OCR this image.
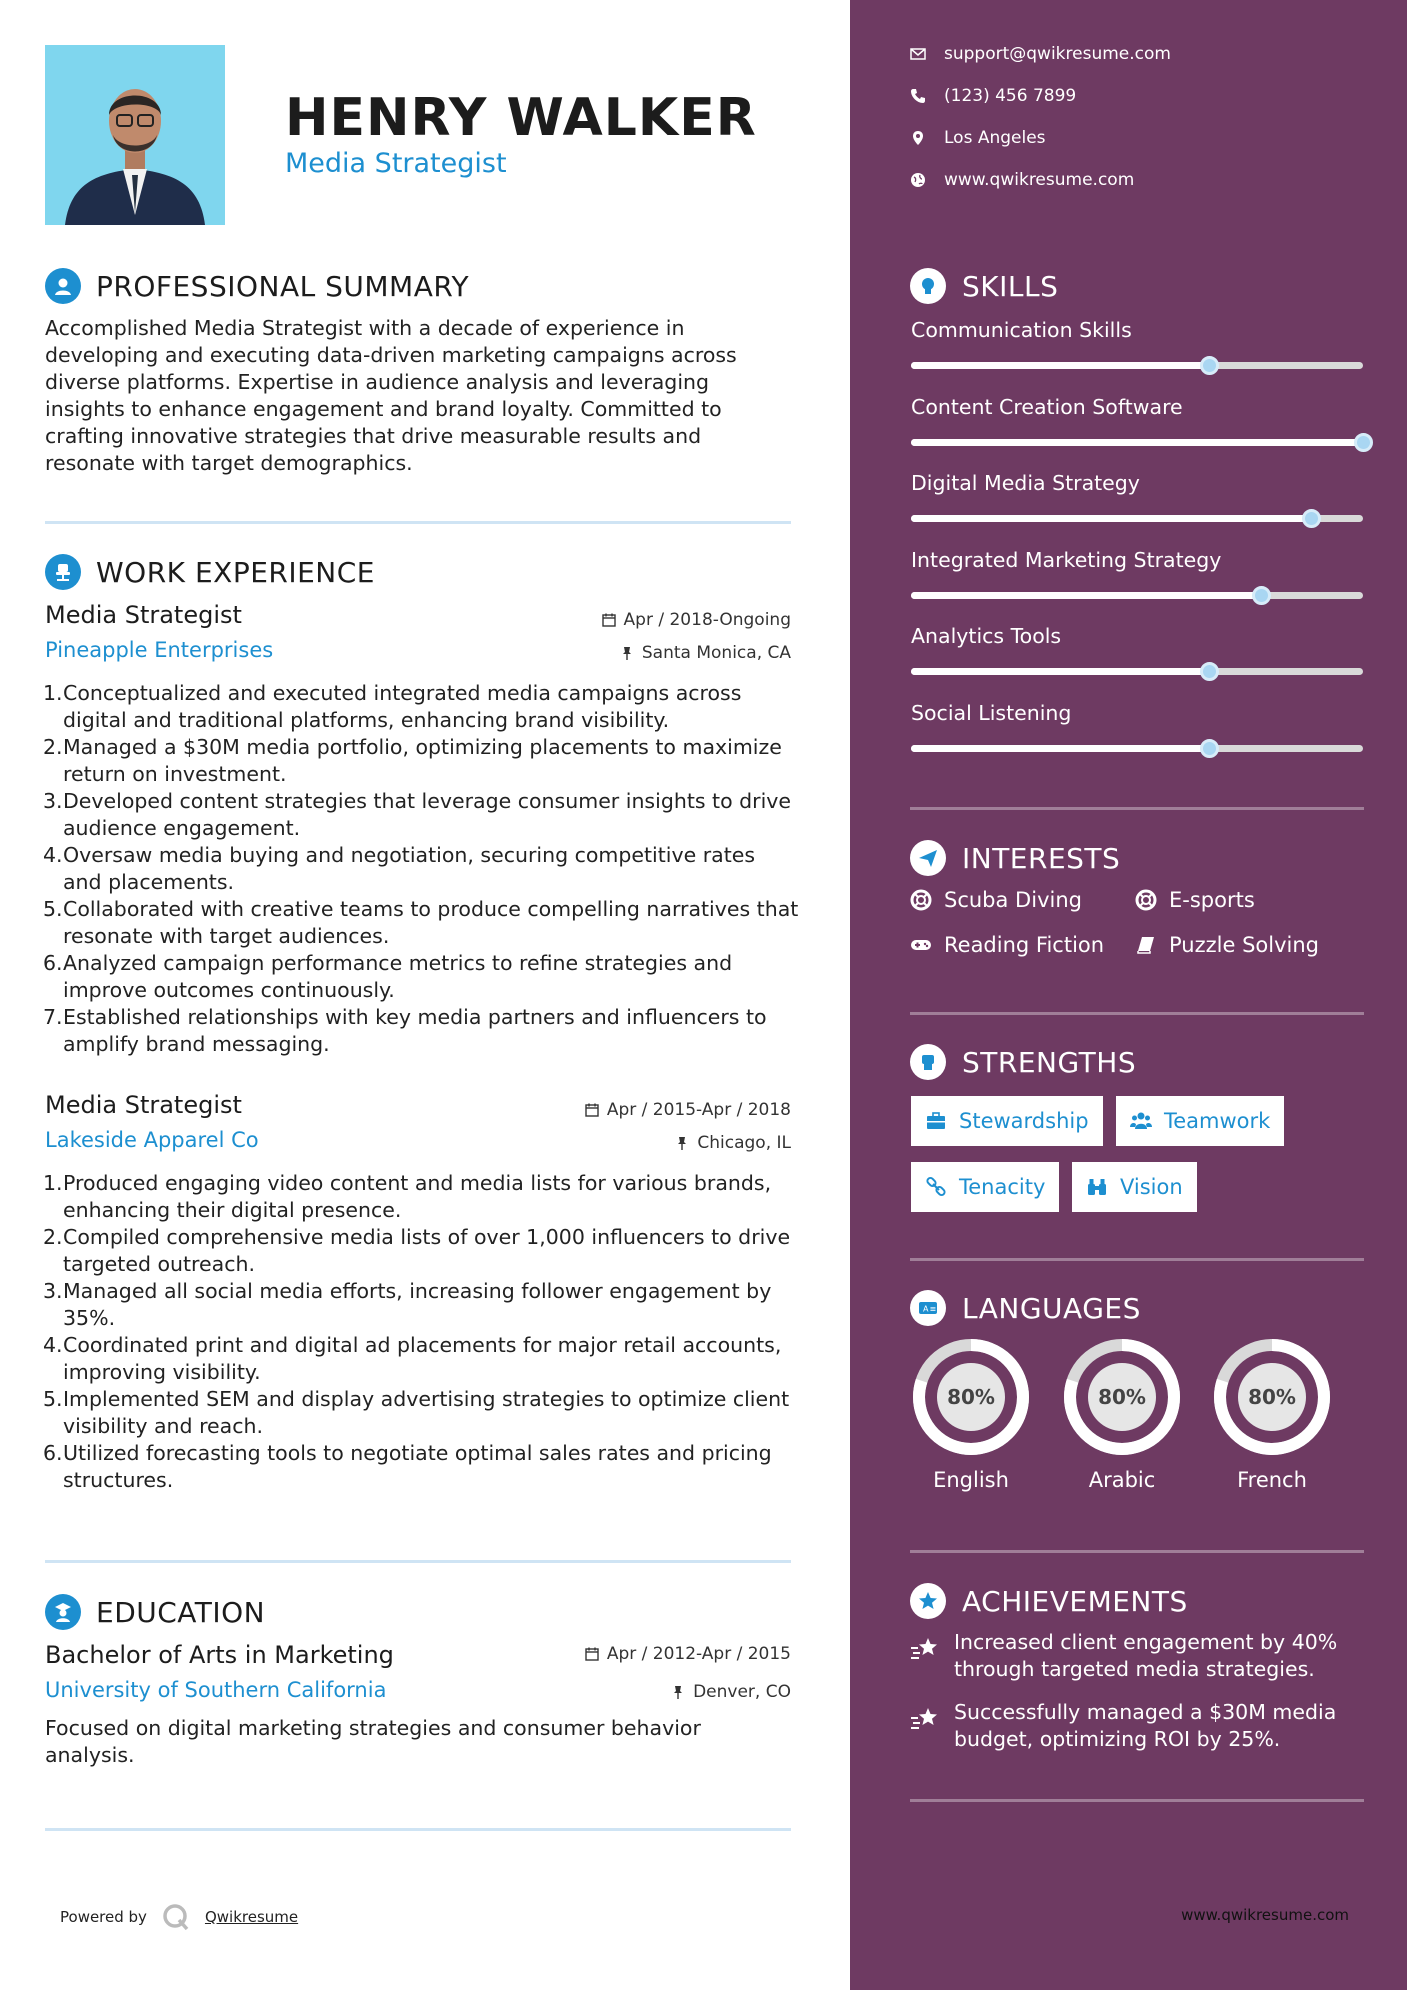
HENRY WALKER
Media Strategist
PROFESSIONAL SUMMARY
Accomplished Media Strategist with a decade of experience in developing and executing data-driven marketing campaigns across diverse platforms. Expertise in audience analysis and leveraging insights to enhance engagement and brand loyalty. Committed to crafting innovative strategies that drive measurable results and resonate with target demographics.
WORK EXPERIENCE
Media Strategist	Apr / 2018-Ongoing
Pineapple Enterprises	Santa Monica, CA
1. Conceptualized and executed integrated media campaigns across digital and traditional platforms, enhancing brand visibility.
2. Managed a $30M media portfolio, optimizing placements to maximize return on investment.
3. Developed content strategies that leverage consumer insights to drive audience engagement.
4. Oversaw media buying and negotiation, securing competitive rates and placements.
5. Collaborated with creative teams to produce compelling narratives that resonate with target audiences.
6. Analyzed campaign performance metrics to refine strategies and improve outcomes continuously.
7. Established relationships with key media partners and influencers to amplify brand messaging.
Media Strategist	Apr / 2015-Apr / 2018
Lakeside Apparel Co	Chicago, IL
1. Produced engaging video content and media lists for various brands, enhancing their digital presence.
2. Compiled comprehensive media lists of over 1,000 influencers to drive targeted outreach.
3. Managed all social media efforts, increasing follower engagement by 35%.
4. Coordinated print and digital ad placements for major retail accounts, improving visibility.
5. Implemented SEM and display advertising strategies to optimize client visibility and reach.
6. Utilized forecasting tools to negotiate optimal sales rates and pricing structures.
EDUCATION
Bachelor of Arts in Marketing	Apr / 2012-Apr / 2015
University of Southern California	Denver, CO
Focused on digital marketing strategies and consumer behavior analysis.
Powered by	Qwikresume
support@qwikresume.com
(123) 456 7899
Los Angeles
www.qwikresume.com
SKILLS
Communication Skills
Content Creation Software
Digital Media Strategy
Integrated Marketing Strategy
Analytics Tools
Social Listening
INTERESTS
Scuba Diving	E-sports
Reading Fiction	Puzzle Solving
STRENGTHS
Stewardship	Teamwork
Tenacity	Vision
A ≡ LANGUAGES
80%
English
80%
Arabic
80%
French
ACHIEVEMENTS
Increased client engagement by 40% through targeted media strategies.
Successfully managed a $30M media budget, optimizing ROI by 25%.
www.qwikresume.com
